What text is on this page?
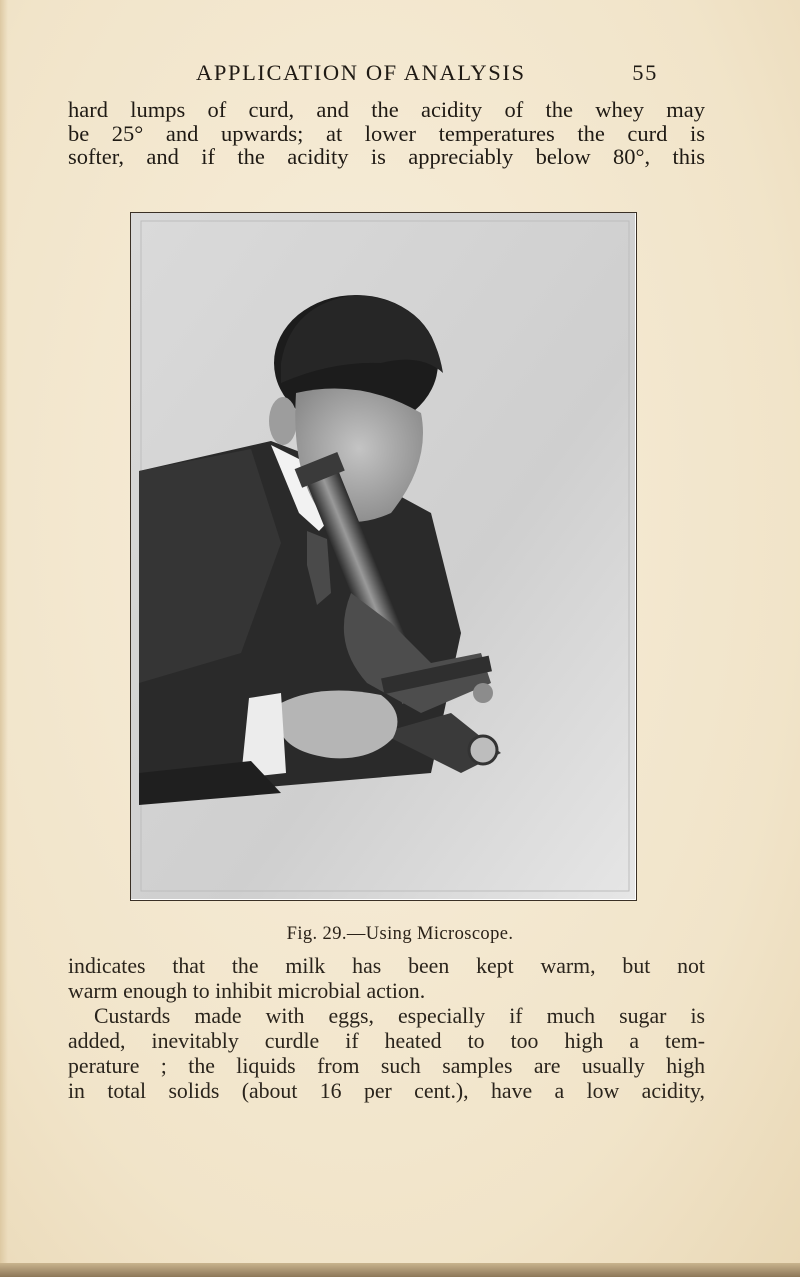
APPLICATION OF ANALYSIS	55
hard lumps of curd, and the acidity of the whey may
be 25° and upwards; at lower temperatures the curd is
softer, and if the acidity is appreciably below 80°, this
Fig. 29.—Using Microscope.
indicates that the milk has been kept warm, but not
warm enough to inhibit microbial action.
Custards made with eggs, especially if much sugar is
added, inevitably curdle if heated to too high a tem-
perature ; the liquids from such samples are usually high
in total solids (about 16 per cent.), have a low acidity,
